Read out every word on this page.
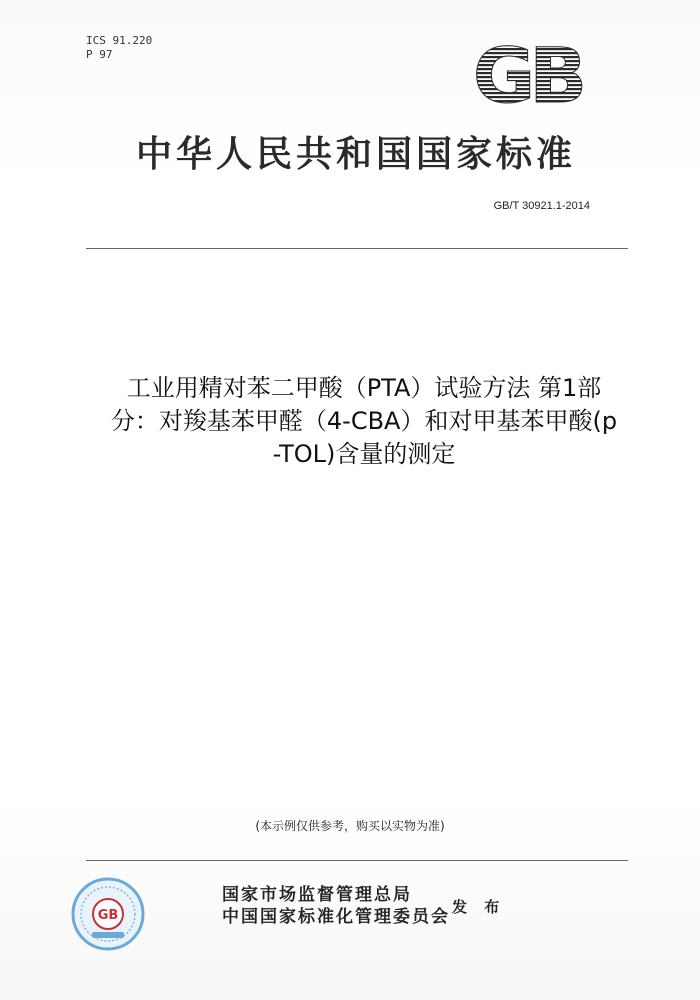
ICS 91.220
P 97	GB
中华人民共和国国家标准
GB/T 30921.1-2014
工业用精对苯二甲酸（PTA）试验方法 第1部
分：对羧基苯甲醛（4-CBA）和对甲基苯甲酸(p
-TOL)含量的测定
(本示例仅供参考，购买以实物为准)
GB
国家市场监督管理总局
中国国家标准化管理委员会 发 布
